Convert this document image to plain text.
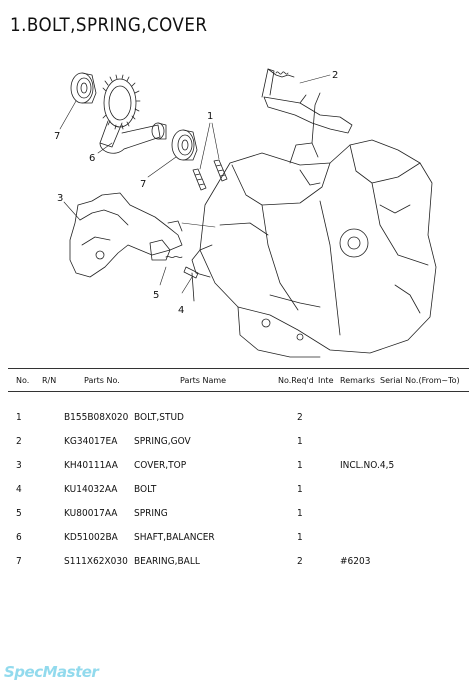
1.BOLT,SPRING,COVER
1
2
3
4
5
6
7
7
No. R/N	Parts No.	Parts Name	No.Req'd Inte Remarks Serial No.(From~To)
1	B155B08X020 BOLT,STUD	2
2	KG34017EA SPRING,GOV	1
3	KH40111AA COVER,TOP	1	INCL.NO.4,5
4	KU14032AA BOLT	1
5	KU80017AA SPRING	1
6	KD51002BA SHAFT,BALANCER	1
7	S111X62X030 BEARING,BALL	2	#6203
SpecMaster
